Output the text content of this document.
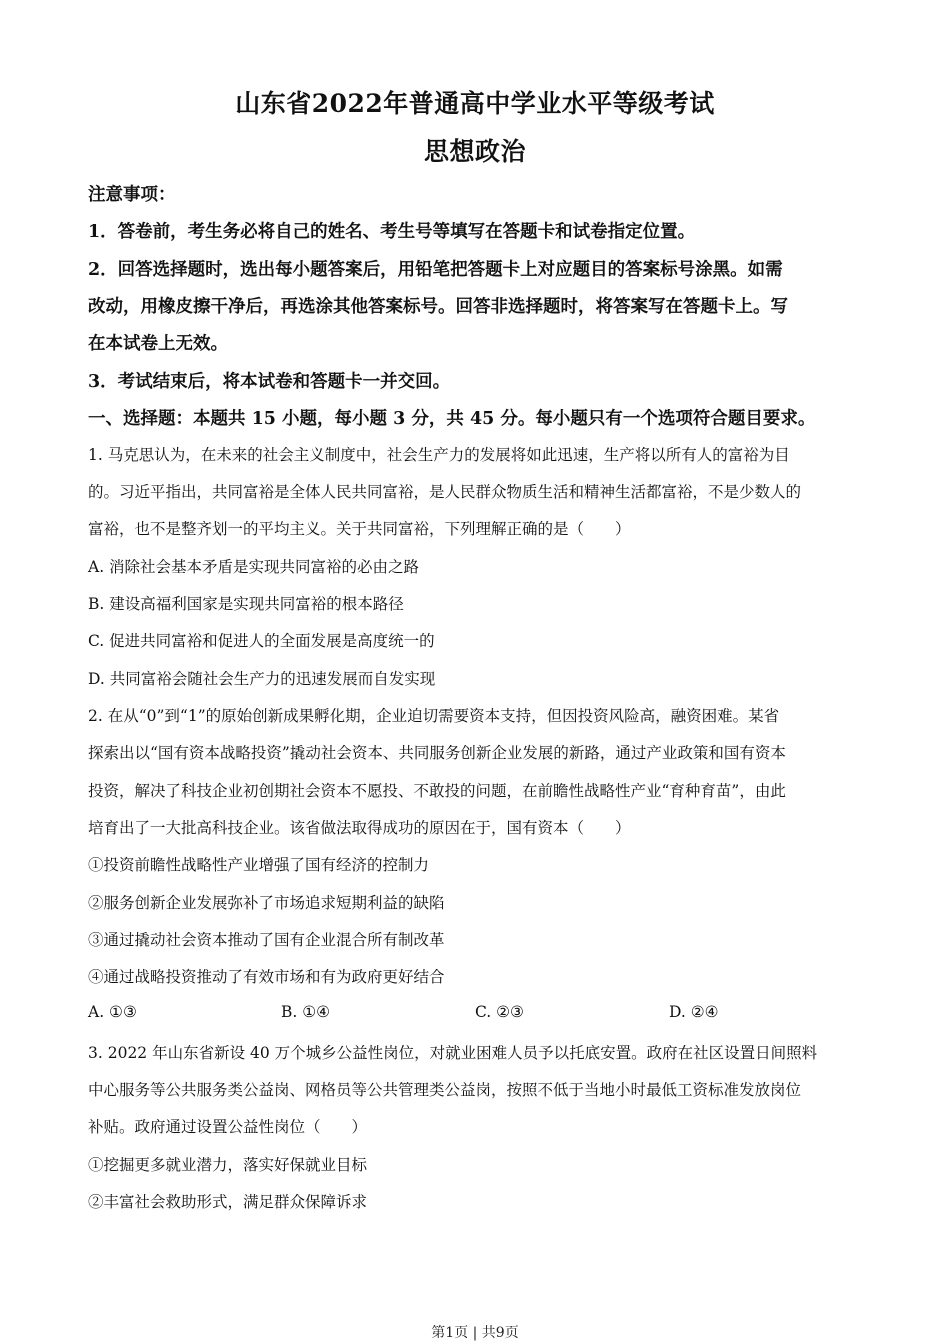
山东省2022年普通高中学业水平等级考试
思想政治
注意事项：
1．答卷前，考生务必将自己的姓名、考生号等填写在答题卡和试卷指定位置。
2．回答选择题时，选出每小题答案后，用铅笔把答题卡上对应题目的答案标号涂黑。如需
改动，用橡皮擦干净后，再选涂其他答案标号。回答非选择题时，将答案写在答题卡上。写
在本试卷上无效。
3．考试结束后，将本试卷和答题卡一并交回。
一、选择题：本题共 15 小题，每小题 3 分，共 45 分。每小题只有一个选项符合题目要求。
1. 马克思认为，在未来的社会主义制度中，社会生产力的发展将如此迅速，生产将以所有人的富裕为目
的。习近平指出，共同富裕是全体人民共同富裕，是人民群众物质生活和精神生活都富裕，不是少数人的
富裕，也不是整齐划一的平均主义。关于共同富裕，下列理解正确的是（　　）
A. 消除社会基本矛盾是实现共同富裕的必由之路
B. 建设高福利国家是实现共同富裕的根本路径
C. 促进共同富裕和促进人的全面发展是高度统一的
D. 共同富裕会随社会生产力的迅速发展而自发实现
2. 在从“0”到“1”的原始创新成果孵化期，企业迫切需要资本支持，但因投资风险高，融资困难。某省
探索出以“国有资本战略投资”撬动社会资本、共同服务创新企业发展的新路，通过产业政策和国有资本
投资，解决了科技企业初创期社会资本不愿投、不敢投的问题，在前瞻性战略性产业“育种育苗”，由此
培育出了一大批高科技企业。该省做法取得成功的原因在于，国有资本（　　）
①投资前瞻性战略性产业增强了国有经济的控制力
②服务创新企业发展弥补了市场追求短期利益的缺陷
③通过撬动社会资本推动了国有企业混合所有制改革
④通过战略投资推动了有效市场和有为政府更好结合
A. ①③	B. ①④	C. ②③	D. ②④
3. 2022 年山东省新设 40 万个城乡公益性岗位，对就业困难人员予以托底安置。政府在社区设置日间照料
中心服务等公共服务类公益岗、网格员等公共管理类公益岗，按照不低于当地小时最低工资标准发放岗位
补贴。政府通过设置公益性岗位（　　）
①挖掘更多就业潜力，落实好保就业目标
②丰富社会救助形式，满足群众保障诉求
第1页 | 共9页
